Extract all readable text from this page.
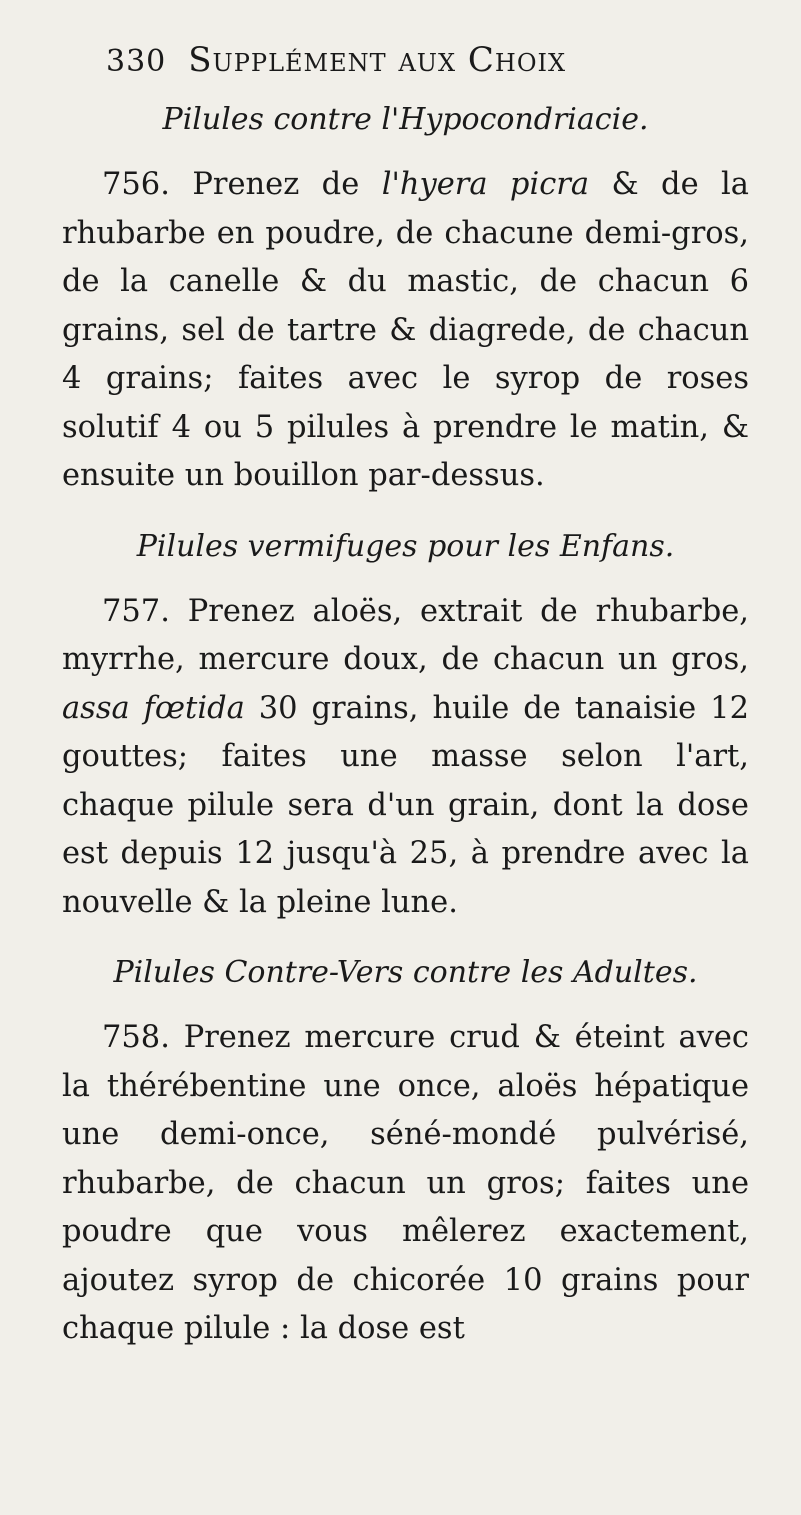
330 Supplément aux Choix
Pilules contre l'Hypocondriacie.

756. Prenez de l'hyera picra & de la rhubarbe en poudre, de chacune demi-gros, de la canelle & du mastic, de chacun 6 grains, sel de tartre & diagrede, de chacun 4 grains; faites avec le syrop de roses solutif 4 ou 5 pilules à prendre le matin, & ensuite un bouillon par-dessus.

Pilules vermifuges pour les Enfans.

757. Prenez aloës, extrait de rhubarbe, myrrhe, mercure doux, de chacun un gros, assa fœtida 30 grains, huile de tanaisie 12 gouttes; faites une masse selon l'art, chaque pilule sera d'un grain, dont la dose est depuis 12 jusqu'à 25, à prendre avec la nouvelle & la pleine lune.

Pilules Contre-Vers contre les Adultes.

758. Prenez mercure crud & éteint avec la thérébentine une once, aloës hépatique une demi-once, séné-mondé pulvérisé, rhubarbe, de chacun un gros; faites une poudre que vous mêlerez exactement, ajoutez syrop de chicorée 10 grains pour chaque pilule : la dose est
